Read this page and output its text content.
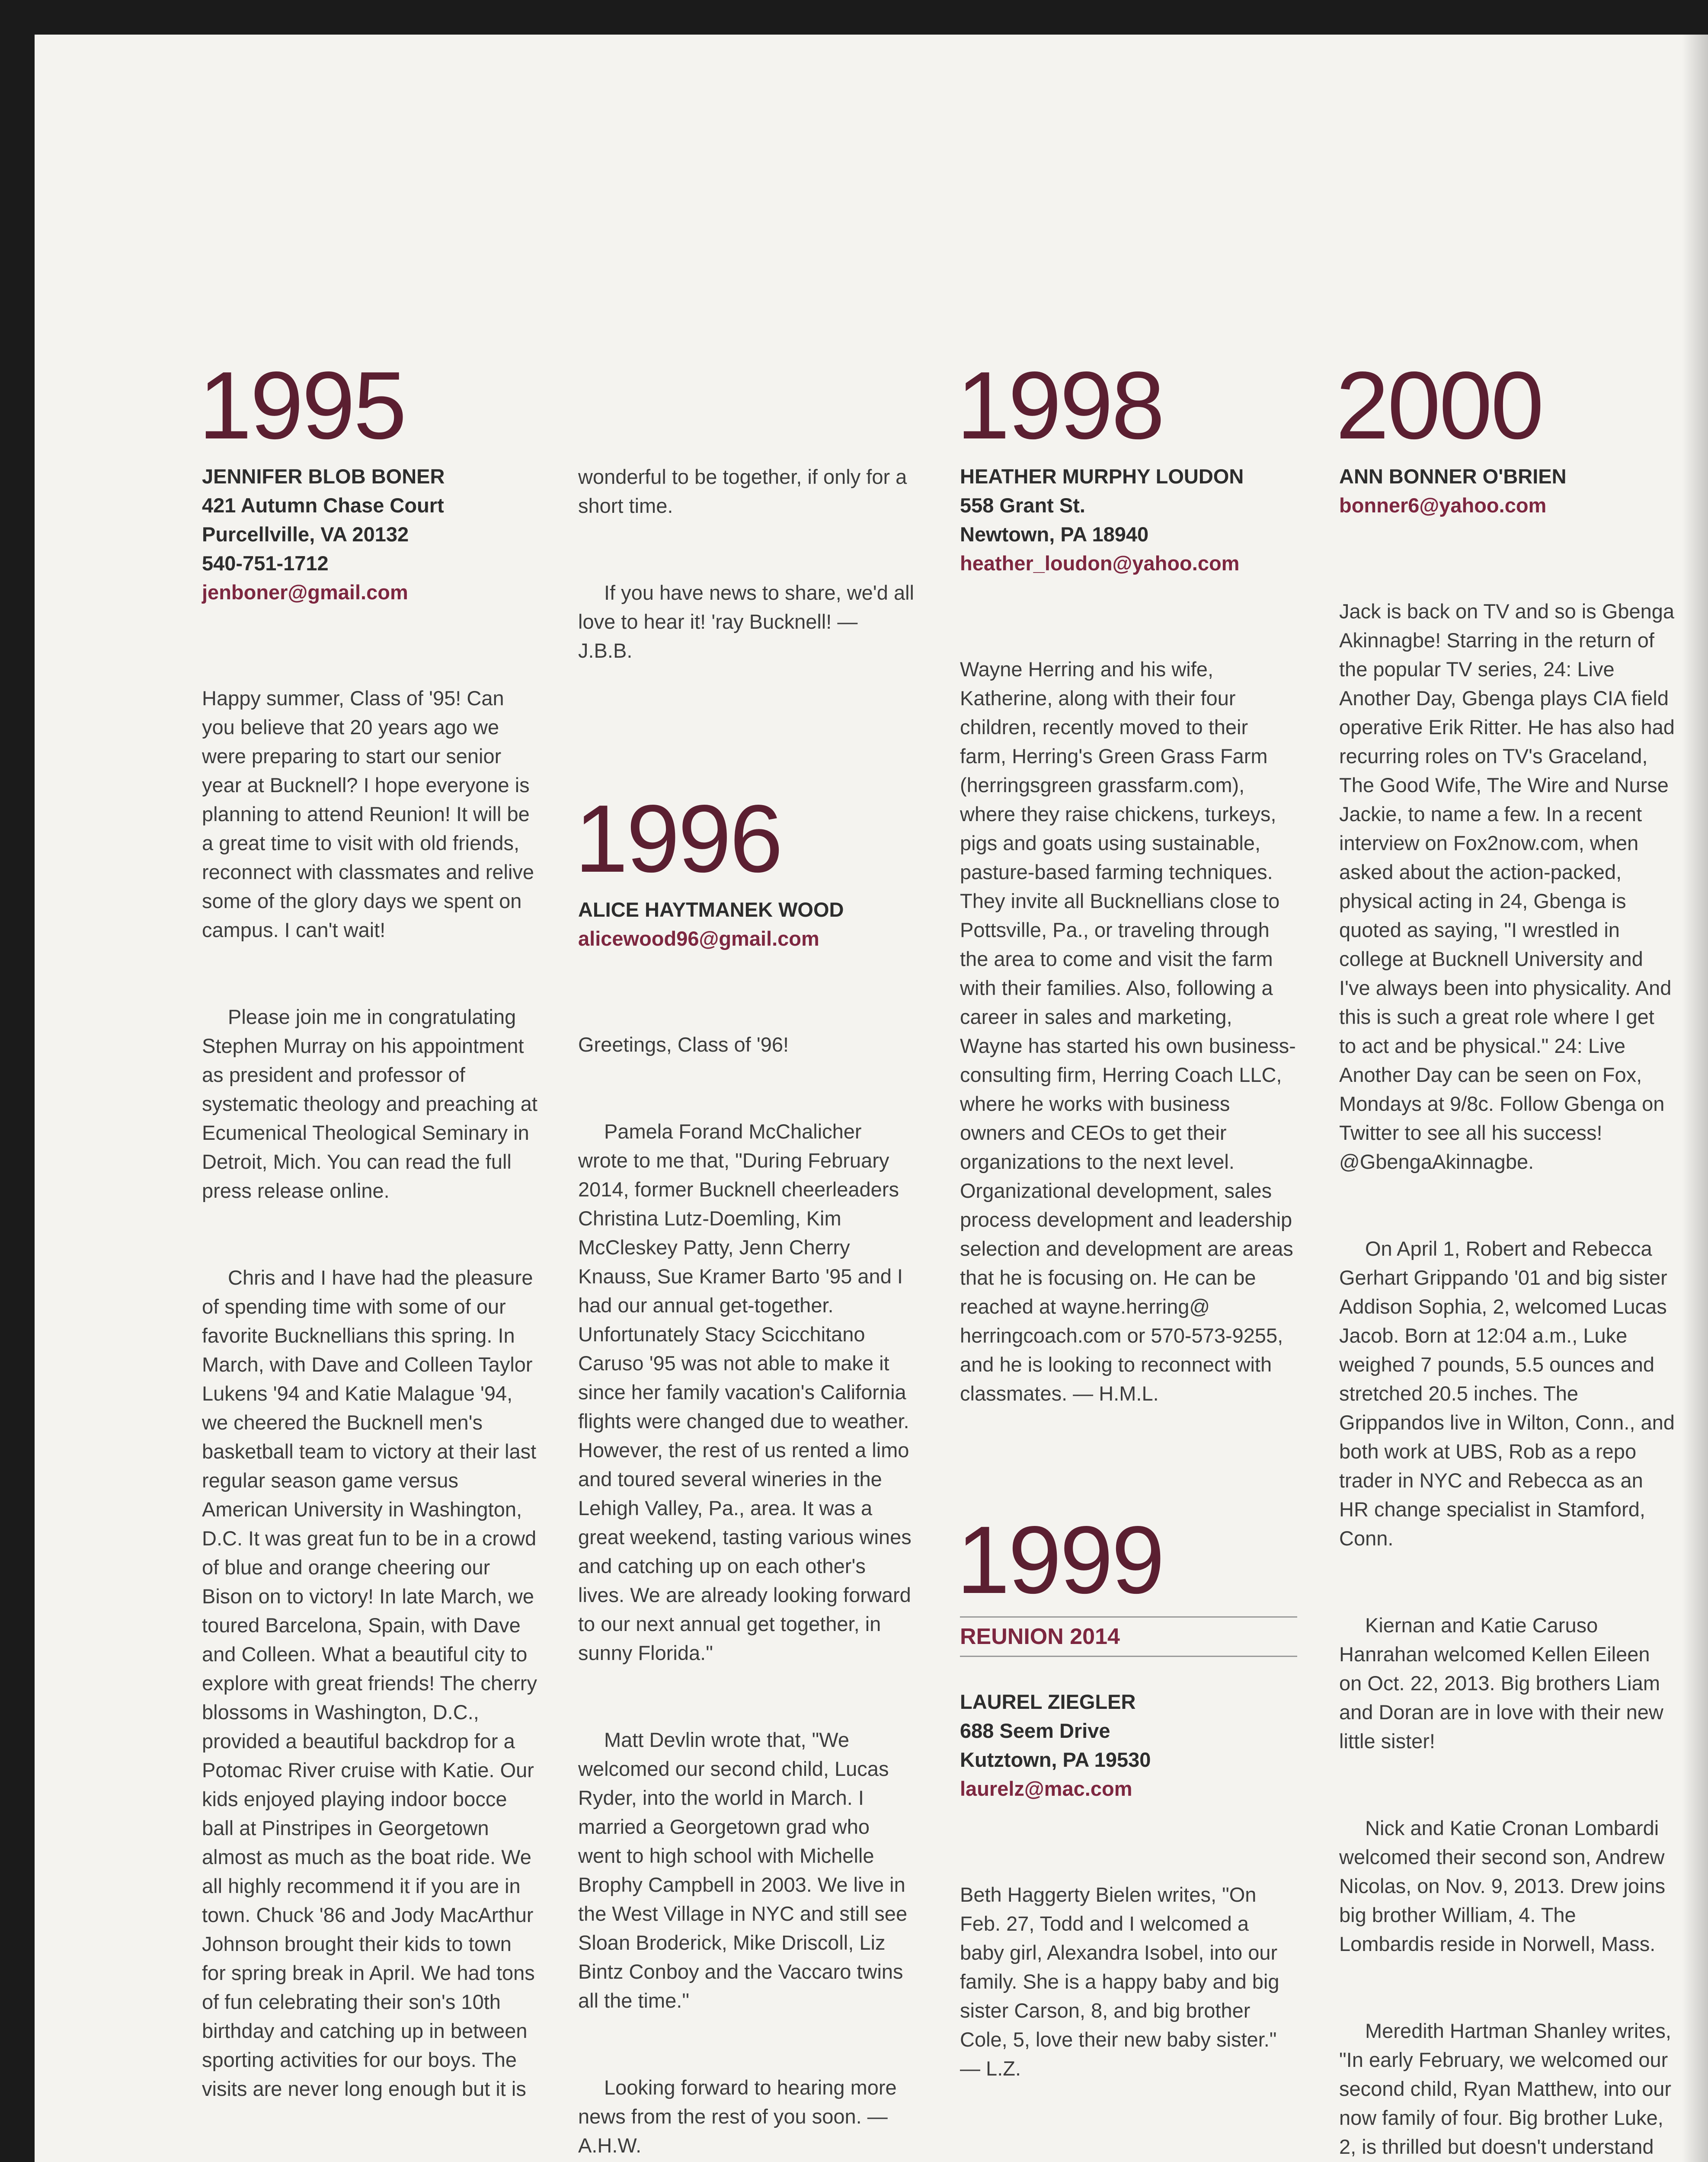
1995
JENNIFER BLOB BONER
421 Autumn Chase Court
Purcellville, VA 20132
540-751-1712
jenboner@gmail.com

Happy summer, Class of '95! Can you believe that 20 years ago we were preparing to start our senior year at Bucknell? I hope everyone is planning to attend Reunion! It will be a great time to visit with old friends, reconnect with classmates and relive some of the glory days we spent on campus. I can't wait!

Please join me in congratulating Stephen Murray on his appointment as president and professor of systematic theology and preaching at Ecumenical Theological Seminary in Detroit, Mich. You can read the full press release online.

Chris and I have had the pleasure of spending time with some of our favorite Bucknellians this spring. In March, with Dave and Colleen Taylor Lukens '94 and Katie Malague '94, we cheered the Bucknell men's basketball team to victory at their last regular season game versus American University in Washington, D.C. It was great fun to be in a crowd of blue and orange cheering our Bison on to victory! In late March, we toured Barcelona, Spain, with Dave and Colleen. What a beautiful city to explore with great friends! The cherry blossoms in Washington, D.C., provided a beautiful backdrop for a Potomac River cruise with Katie. Our kids enjoyed playing indoor bocce ball at Pinstripes in Georgetown almost as much as the boat ride. We all highly recommend it if you are in town. Chuck '86 and Jody MacArthur Johnson brought their kids to town for spring break in April. We had tons of fun celebrating their son's 10th birthday and catching up in between sporting activities for our boys. The visits are never long enough but it is

wonderful to be together, if only for a short time.

If you have news to share, we'd all love to hear it! 'ray Bucknell! — J.B.B.

1996
ALICE HAYTMANEK WOOD
alicewood96@gmail.com

Greetings, Class of '96!

Pamela Forand McChalicher wrote to me that, "During February 2014, former Bucknell cheerleaders Christina Lutz-Doemling, Kim McCleskey Patty, Jenn Cherry Knauss, Sue Kramer Barto '95 and I had our annual get-together. Unfortunately Stacy Scicchitano Caruso '95 was not able to make it since her family vacation's California flights were changed due to weather. However, the rest of us rented a limo and toured several wineries in the Lehigh Valley, Pa., area. It was a great weekend, tasting various wines and catching up on each other's lives. We are already looking forward to our next annual get together, in sunny Florida."

Matt Devlin wrote that, "We welcomed our second child, Lucas Ryder, into the world in March. I married a Georgetown grad who went to high school with Michelle Brophy Campbell in 2003. We live in the West Village in NYC and still see Sloan Broderick, Mike Driscoll, Liz Bintz Conboy and the Vaccaro twins all the time."

Looking forward to hearing more news from the rest of you soon. — A.H.W.

1998
HEATHER MURPHY LOUDON
558 Grant St.
Newtown, PA 18940
heather_loudon@yahoo.com

Wayne Herring and his wife, Katherine, along with their four children, recently moved to their farm, Herring's Green Grass Farm (herringsgreen grassfarm.com), where they raise chickens, turkeys, pigs and goats using sustainable, pasture-based farming techniques. They invite all Bucknellians close to Pottsville, Pa., or traveling through the area to come and visit the farm with their families. Also, following a career in sales and marketing, Wayne has started his own business-consulting firm, Herring Coach LLC, where he works with business owners and CEOs to get their organizations to the next level. Organizational development, sales process development and leadership selection and development are areas that he is focusing on. He can be reached at wayne.herring@ herringcoach.com or 570-573-9255, and he is looking to reconnect with classmates. — H.M.L.

1999
REUNION 2014
LAUREL ZIEGLER
688 Seem Drive
Kutztown, PA 19530
laurelz@mac.com

Beth Haggerty Bielen writes, "On Feb. 27, Todd and I welcomed a baby girl, Alexandra Isobel, into our family. She is a happy baby and big sister Carson, 8, and big brother Cole, 5, love their new baby sister." — L.Z.

2000
ANN BONNER O'BRIEN
bonner6@yahoo.com

Jack is back on TV and so is Gbenga Akinnagbe! Starring in the return of the popular TV series, 24: Live Another Day, Gbenga plays CIA field operative Erik Ritter. He has also had recurring roles on TV's Graceland, The Good Wife, The Wire and Nurse Jackie, to name a few. In a recent interview on Fox2now.com, when asked about the action-packed, physical acting in 24, Gbenga is quoted as saying, "I wrestled in college at Bucknell University and I've always been into physicality. And this is such a great role where I get to act and be physical." 24: Live Another Day can be seen on Fox, Mondays at 9/8c. Follow Gbenga on Twitter to see all his success! @GbengaAkinnagbe.

On April 1, Robert and Rebecca Gerhart Grippando '01 and big sister Addison Sophia, 2, welcomed Lucas Jacob. Born at 12:04 a.m., Luke weighed 7 pounds, 5.5 ounces and stretched 20.5 inches. The Grippandos live in Wilton, Conn., and both work at UBS, Rob as a repo trader in NYC and Rebecca as an HR change specialist in Stamford, Conn.

Kiernan and Katie Caruso Hanrahan welcomed Kellen Eileen on Oct. 22, 2013. Big brothers Liam and Doran are in love with their new little sister!

Nick and Katie Cronan Lombardi welcomed their second son, Andrew Nicolas, on Nov. 9, 2013. Drew joins big brother William, 4. The Lombardis reside in Norwell, Mass.

Meredith Hartman Shanley writes, "In early February, we welcomed our second child, Ryan Matthew, into our now family of four. Big brother Luke, 2, is thrilled but doesn't understand
